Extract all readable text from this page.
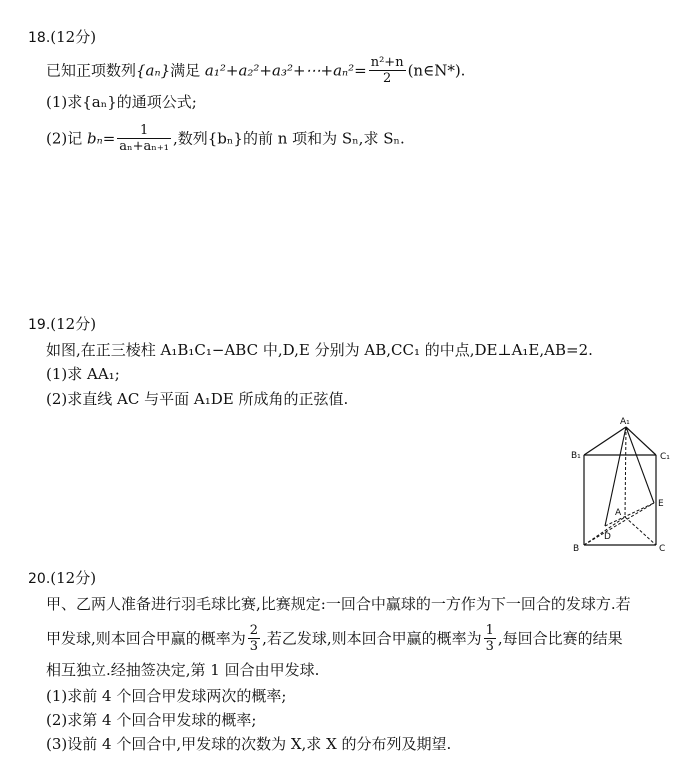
18.(12分)
已知正项数列{aₙ}满足 a₁²+a₂²+a₃²+⋯+aₙ²= $\frac{\text{n²+n}}{2}$ (n∈N*).
(1)求{aₙ}的通项公式;
(2)记 $b_n= \frac{1}{\text{aₙ+aₙ₊₁}}$ ,数列{bₙ}的前 n 项和为 Sₙ,求 Sₙ.
19.(12分)
如图,在正三棱柱 A₁B₁C₁−ABC 中,D,E 分别为 AB,CC₁ 的中点,DE⊥A₁E,AB=2.
(1)求 AA₁;
(2)求直线 AC 与平面 A₁DE 所成角的正弦值.
A₁
B₁	C₁
E
A
D
B	C
20.(12分)
甲、乙两人准备进行羽毛球比赛,比赛规定:一回合中赢球的一方作为下一回合的发球方.若
甲发球,则本回合甲赢的概率为 $\frac{2}{3}$ ,若乙发球,则本回合甲赢的概率为 $\frac{1}{3}$ ,每回合比赛的结果
相互独立.经抽签决定,第 1 回合由甲发球.
(1)求前 4 个回合甲发球两次的概率;
(2)求第 4 个回合甲发球的概率;
(3)设前 4 个回合中,甲发球的次数为 X,求 X 的分布列及期望.
